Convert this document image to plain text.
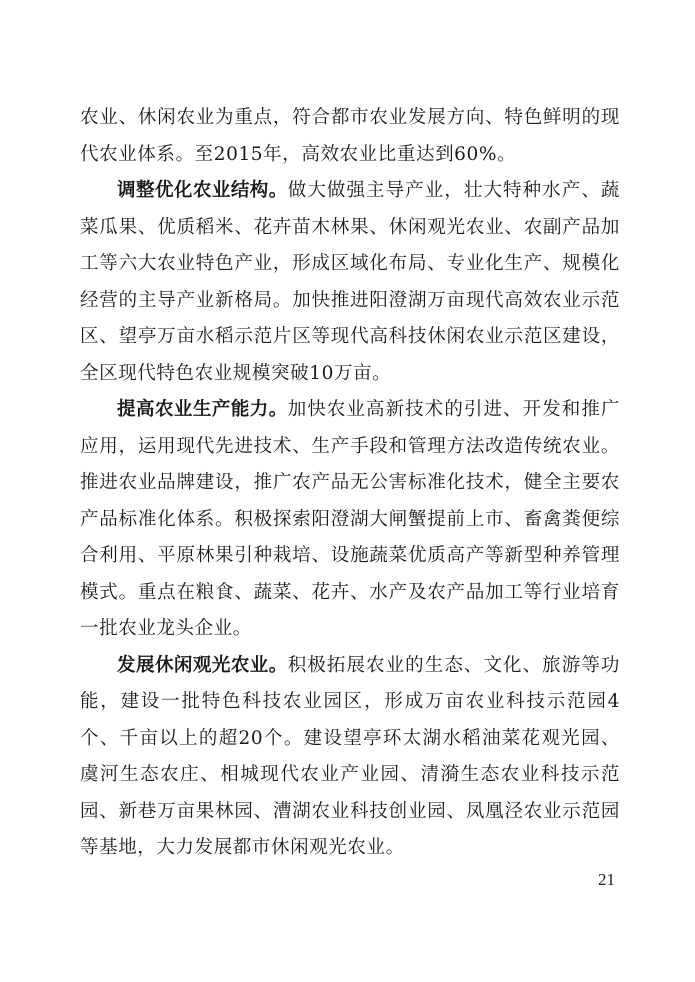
农业、休闲农业为重点，符合都市农业发展方向、特色鲜明的现代农业体系。至2015年，高效农业比重达到60%。

调整优化农业结构。做大做强主导产业，壮大特种水产、蔬菜瓜果、优质稻米、花卉苗木林果、休闲观光农业、农副产品加工等六大农业特色产业，形成区域化布局、专业化生产、规模化经营的主导产业新格局。加快推进阳澄湖万亩现代高效农业示范区、望亭万亩水稻示范片区等现代高科技休闲农业示范区建设，全区现代特色农业规模突破10万亩。

提高农业生产能力。加快农业高新技术的引进、开发和推广应用，运用现代先进技术、生产手段和管理方法改造传统农业。推进农业品牌建设，推广农产品无公害标准化技术，健全主要农产品标准化体系。积极探索阳澄湖大闸蟹提前上市、畜禽粪便综合利用、平原林果引种栽培、设施蔬菜优质高产等新型种养管理模式。重点在粮食、蔬菜、花卉、水产及农产品加工等行业培育一批农业龙头企业。

发展休闲观光农业。积极拓展农业的生态、文化、旅游等功能，建设一批特色科技农业园区，形成万亩农业科技示范园4个、千亩以上的超20个。建设望亭环太湖水稻油菜花观光园、虞河生态农庄、相城现代农业产业园、清漪生态农业科技示范园、新巷万亩果林园、漕湖农业科技创业园、凤凰泾农业示范园等基地，大力发展都市休闲观光农业。

21
